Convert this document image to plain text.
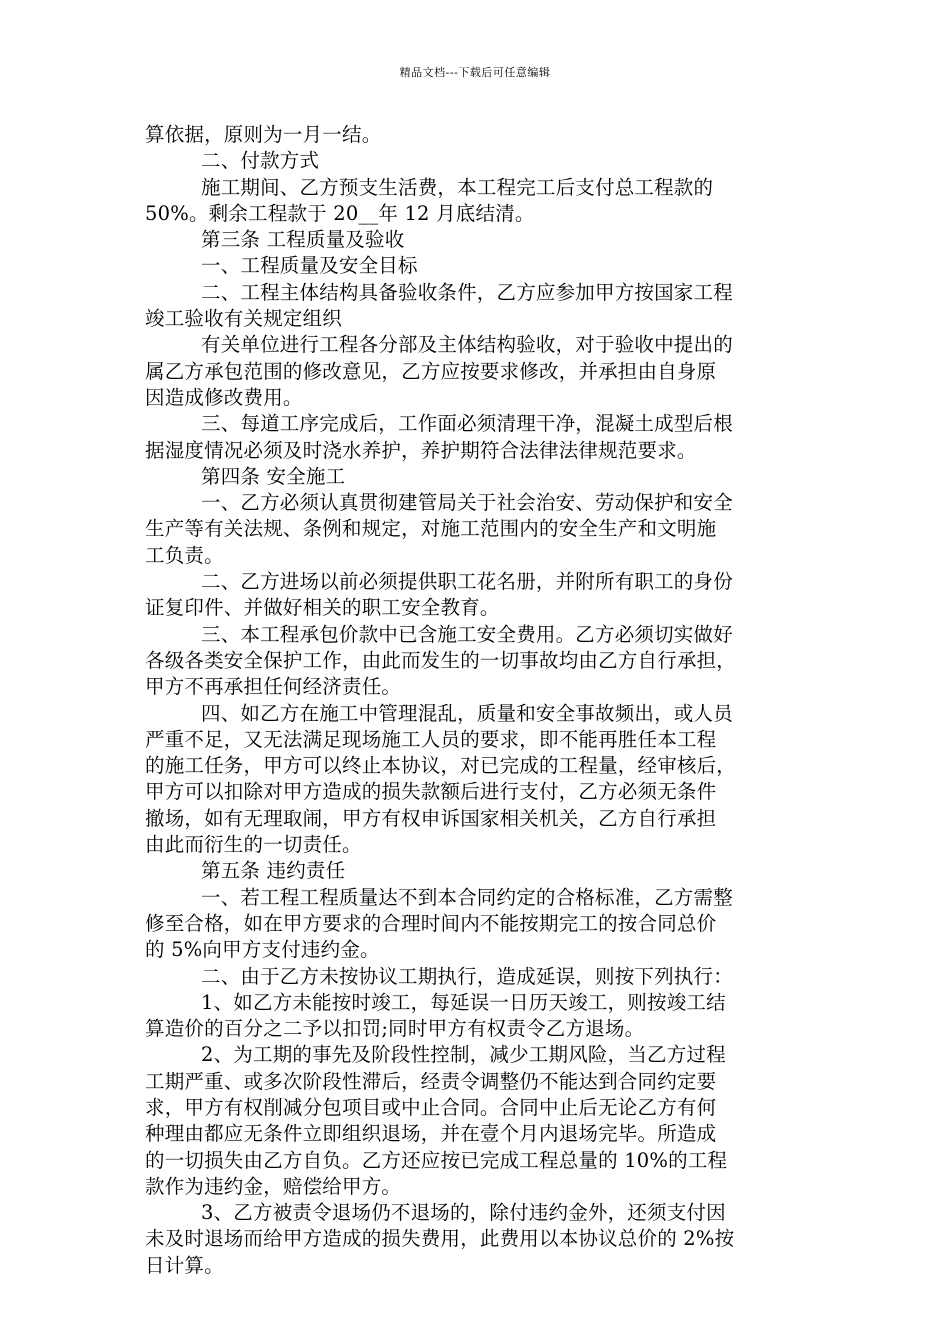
精品文档---下载后可任意编辑
算依据，原则为一月一结。
二、付款方式
施工期间、乙方预支生活费，本工程完工后支付总工程款的
50%。剩余工程款于 20__年 12 月底结清。
第三条 工程质量及验收
一、工程质量及安全目标
二、工程主体结构具备验收条件，乙方应参加甲方按国家工程
竣工验收有关规定组织
有关单位进行工程各分部及主体结构验收，对于验收中提出的
属乙方承包范围的修改意见，乙方应按要求修改，并承担由自身原
因造成修改费用。
三、每道工序完成后，工作面必须清理干净，混凝土成型后根
据湿度情况必须及时浇水养护，养护期符合法律法律规范要求。
第四条 安全施工
一、乙方必须认真贯彻建管局关于社会治安、劳动保护和安全
生产等有关法规、条例和规定，对施工范围内的安全生产和文明施
工负责。
二、乙方进场以前必须提供职工花名册，并附所有职工的身份
证复印件、并做好相关的职工安全教育。
三、本工程承包价款中已含施工安全费用。乙方必须切实做好
各级各类安全保护工作，由此而发生的一切事故均由乙方自行承担，
甲方不再承担任何经济责任。
四、如乙方在施工中管理混乱，质量和安全事故频出，或人员
严重不足，又无法满足现场施工人员的要求，即不能再胜任本工程
的施工任务，甲方可以终止本协议，对已完成的工程量，经审核后，
甲方可以扣除对甲方造成的损失款额后进行支付，乙方必须无条件
撤场，如有无理取闹，甲方有权申诉国家相关机关，乙方自行承担
由此而衍生的一切责任。
第五条 违约责任
一、若工程工程质量达不到本合同约定的合格标准，乙方需整
修至合格，如在甲方要求的合理时间内不能按期完工的按合同总价
的 5%向甲方支付违约金。
二、由于乙方未按协议工期执行，造成延误，则按下列执行：
1、如乙方未能按时竣工，每延误一日历天竣工，则按竣工结
算造价的百分之二予以扣罚;同时甲方有权责令乙方退场。
2、为工期的事先及阶段性控制，减少工期风险，当乙方过程
工期严重、或多次阶段性滞后，经责令调整仍不能达到合同约定要
求，甲方有权削减分包项目或中止合同。合同中止后无论乙方有何
种理由都应无条件立即组织退场，并在壹个月内退场完毕。所造成
的一切损失由乙方自负。乙方还应按已完成工程总量的 10%的工程
款作为违约金，赔偿给甲方。
3、乙方被责令退场仍不退场的，除付违约金外，还须支付因
未及时退场而给甲方造成的损失费用，此费用以本协议总价的 2%按
日计算。
